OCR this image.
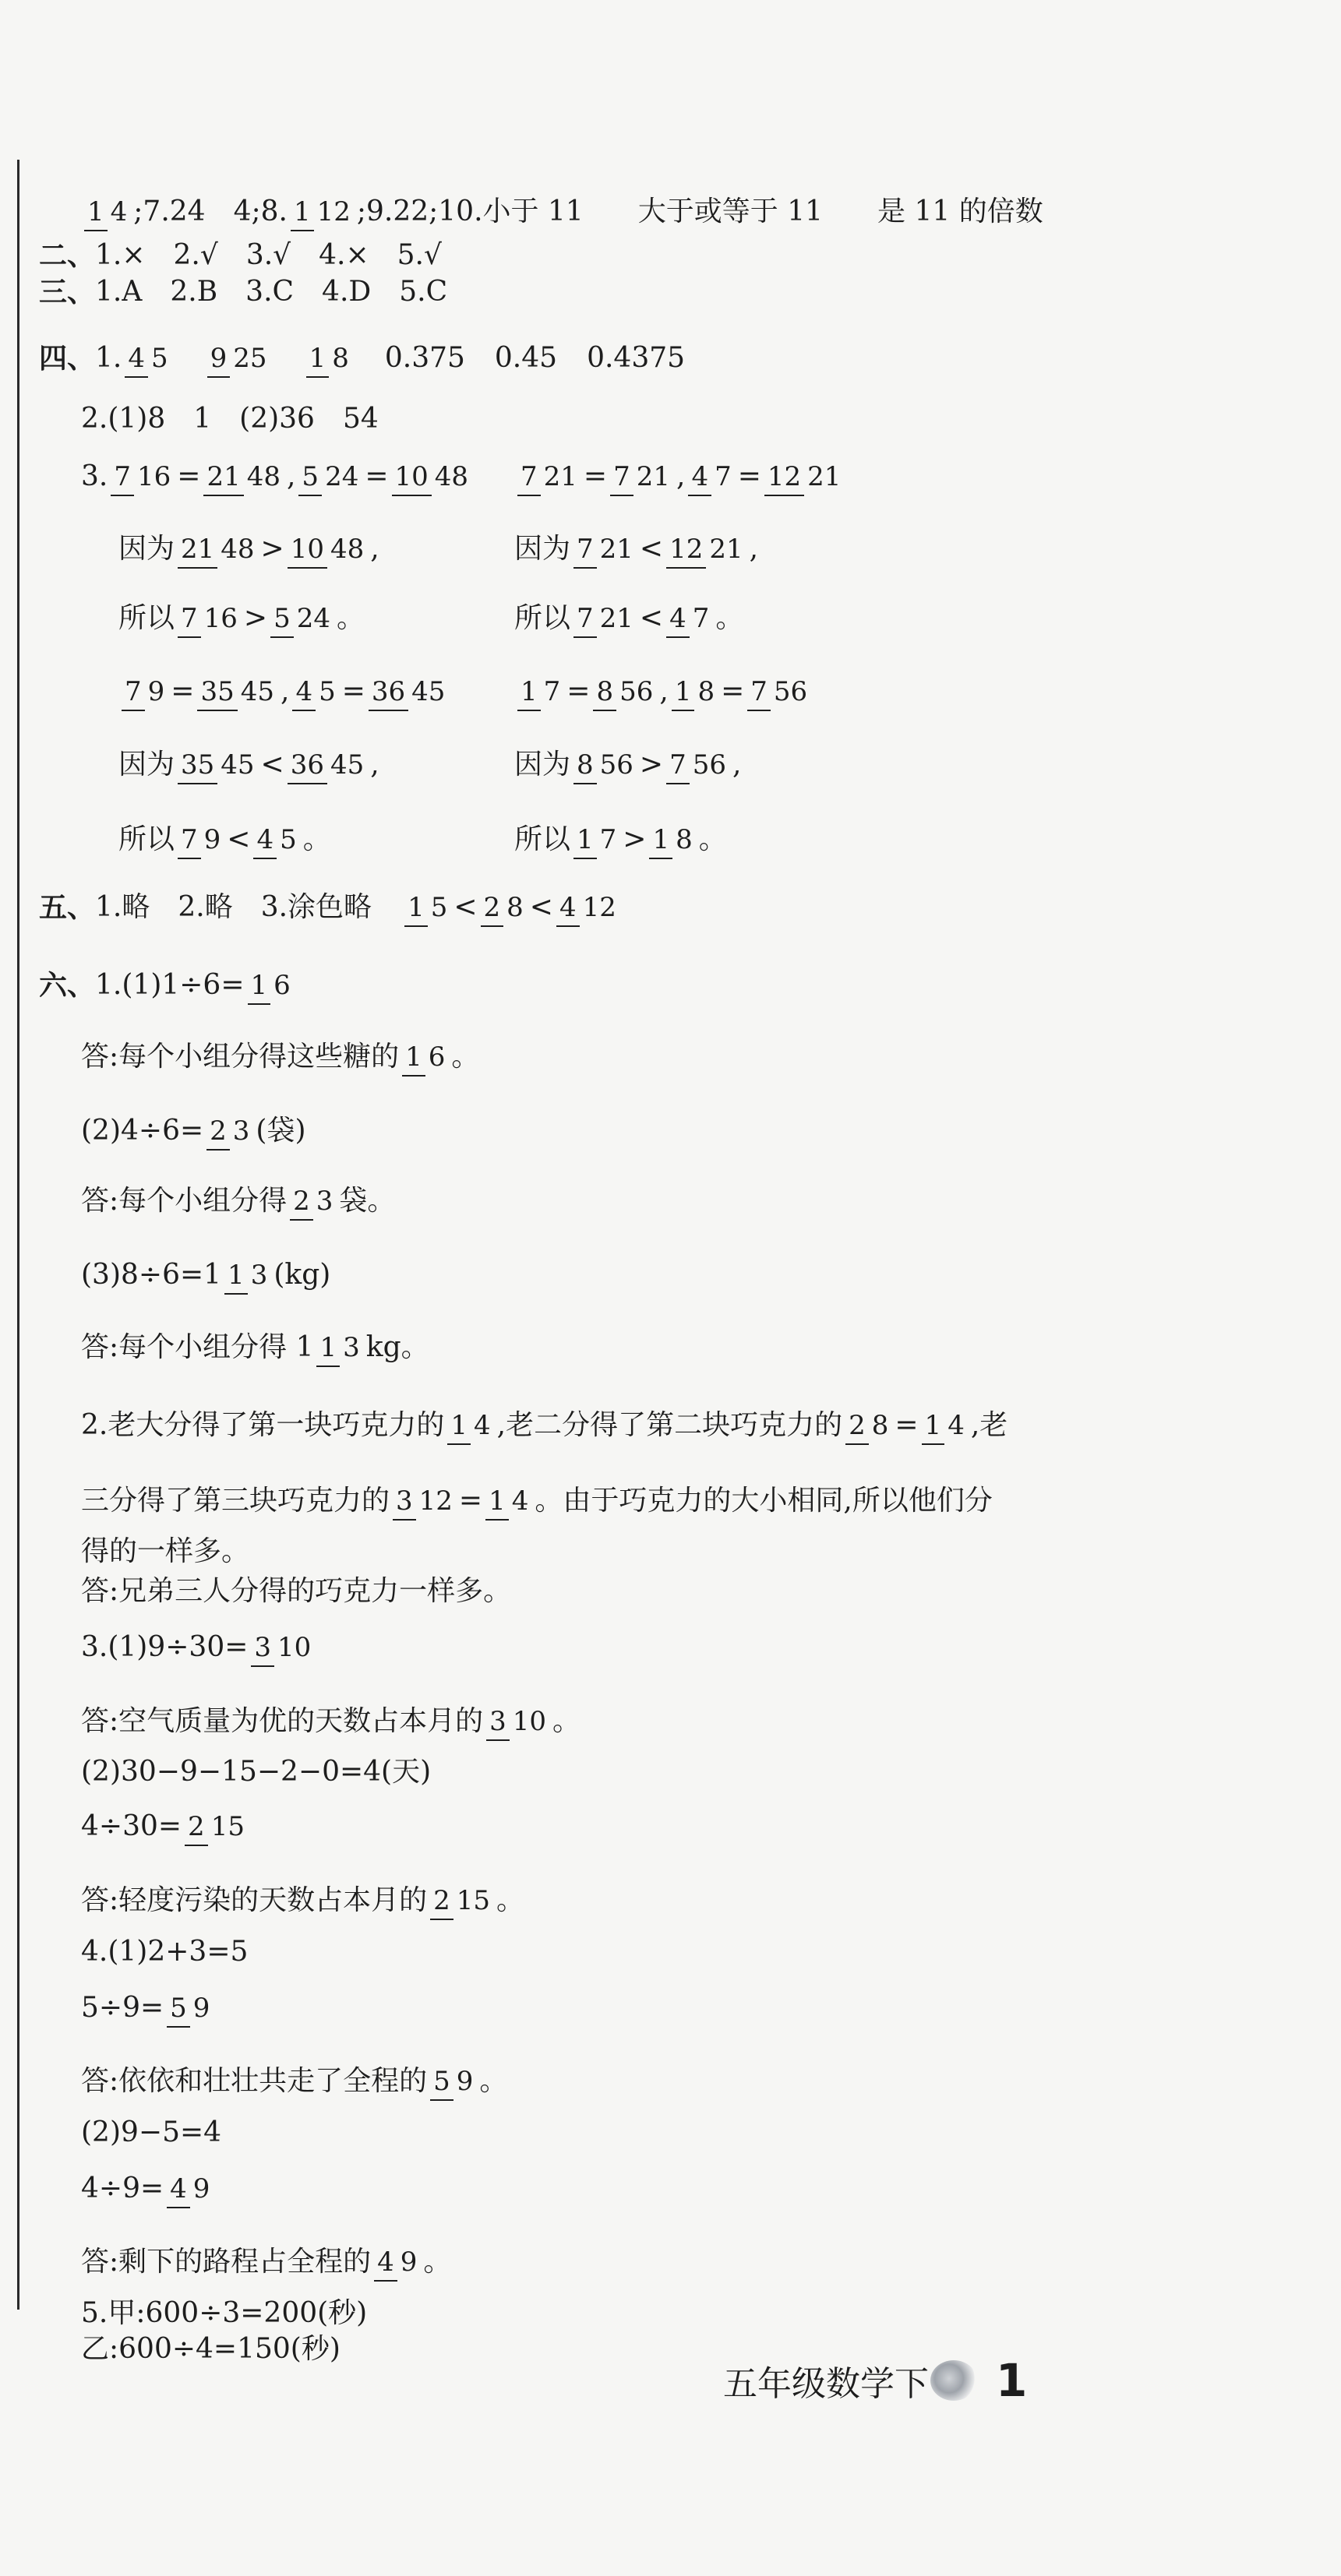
1 4 ;7.24　4;8. 1 12 ;9.22;10.小于 11 大于或等于 11 是 11 的倍数
二、 1.×　2.√　3.√　4.×　5.√
三、 1.A　2.B　3.C　4.D　5.C
四、 1. 4 5 9 25 1 8 0.375 0.45 0.4375
2.(1)8　1　(2)36　54
3. 7 16 = 21 48 , 5 24 = 10 48 7 21 = 7 21 , 4 7 = 12 21
因为 21 48 > 10 48 ,	因为 7 21 < 12 21 ,
所以 7 16 > 5 24 。	所以 7 21 < 4 7 。
7 9 = 35 45 , 4 5 = 36 45	1 7 = 8 56 , 1 8 = 7 56
因为 35 45 < 36 45 ,	因为 8 56 > 7 56 ,
所以 7 9 < 4 5 。	所以 1 7 > 1 8 。
五、 1.略　2.略　3.涂色略 1 5 < 2 8 < 4 12
六、 1.(1)1÷6= 1 6
答:每个小组分得这些糖的 1 6 。
(2)4÷6= 2 3 (袋)
答:每个小组分得 2 3 袋。
(3)8÷6=1 1 3 (kg)
答:每个小组分得 1 1 3 kg。
2.老大分得了第一块巧克力的 1 4 ,老二分得了第二块巧克力的 2 8 = 1 4 ,老
三分得了第三块巧克力的 3 12 = 1 4 。由于巧克力的大小相同,所以他们分
得的一样多。
答:兄弟三人分得的巧克力一样多。
3.(1)9÷30= 3 10
答:空气质量为优的天数占本月的 3 10 。
(2)30−9−15−2−0=4(天)
4÷30= 2 15
答:轻度污染的天数占本月的 2 15 。
4.(1)2+3=5
5÷9= 5 9
答:依依和壮壮共走了全程的 5 9 。
(2)9−5=4
4÷9= 4 9
答:剩下的路程占全程的 4 9 。
5.甲:600÷3=200(秒)
乙:600÷4=150(秒)
五年级数学下 1
